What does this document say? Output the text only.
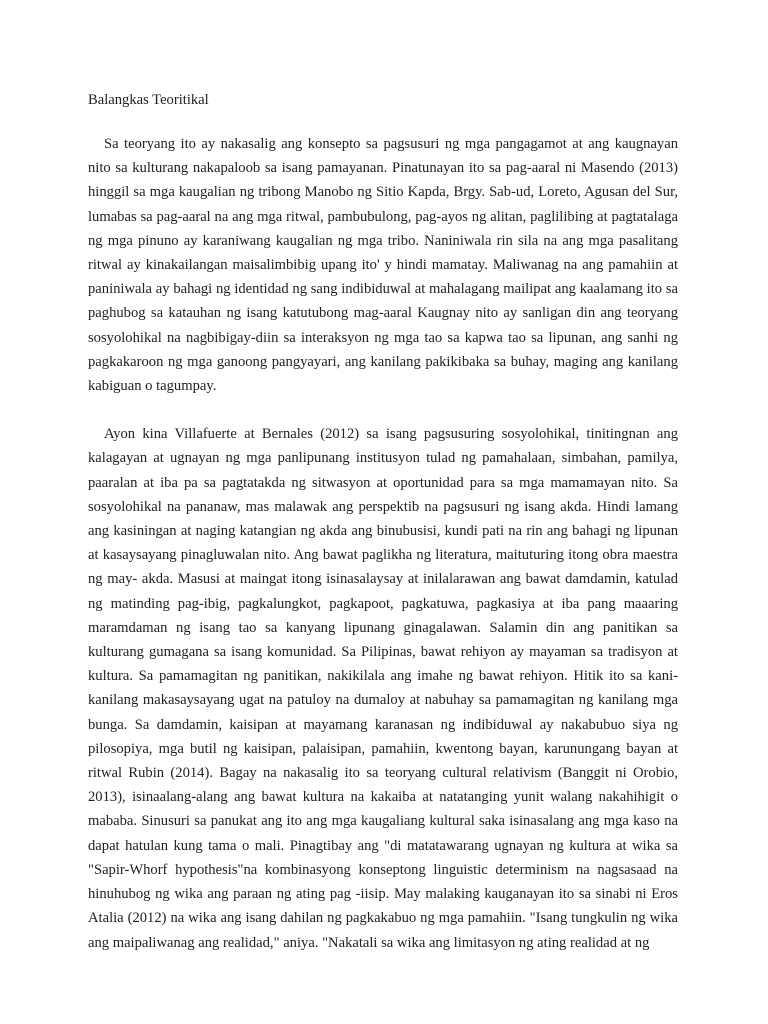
Balangkas Teoritikal

Sa teoryang ito ay nakasalig ang konsepto sa pagsusuri ng mga pangagamot at ang kaugnayan nito sa kulturang nakapaloob sa isang pamayanan. Pinatunayan ito sa pag-aaral ni Masendo (2013) hinggil sa mga kaugalian ng tribong Manobo ng Sitio Kapda, Brgy. Sab-ud, Loreto, Agusan del Sur, lumabas sa pag-aaral na ang mga ritwal, pambubulong, pag-ayos ng alitan, paglilibing at pagtatalaga ng mga pinuno ay karaniwang kaugalian ng mga tribo. Naniniwala rin sila na ang mga pasalitang ritwal ay kinakailangan maisalimbibig upang ito' y hindi mamatay. Maliwanag na ang pamahiin at paniniwala ay bahagi ng identidad ng sang indibiduwal at mahalagang mailipat ang kaalamang ito sa paghubog sa katauhan ng isang katutubong mag-aaral Kaugnay nito ay sanligan din ang teoryang sosyolohikal na nagbibigay-diin sa interaksyon ng mga tao sa kapwa tao sa lipunan, ang sanhi ng pagkakaroon ng mga ganoong pangyayari, ang kanilang pakikibaka sa buhay, maging ang kanilang kabiguan o tagumpay.

Ayon kina Villafuerte at Bernales (2012) sa isang pagsusuring sosyolohikal, tinitingnan ang kalagayan at ugnayan ng mga panlipunang institusyon tulad ng pamahalaan, simbahan, pamilya, paaralan at iba pa sa pagtatakda ng sitwasyon at oportunidad para sa mga mamamayan nito. Sa sosyolohikal na pananaw, mas malawak ang perspektib na pagsusuri ng isang akda. Hindi lamang ang kasiningan at naging katangian ng akda ang binubusisi, kundi pati na rin ang bahagi ng lipunan at kasaysayang pinagluwalan nito. Ang bawat paglikha ng literatura, maituturing itong obra maestra ng may- akda. Masusi at maingat itong isinasalaysay at inilalarawan ang bawat damdamin, katulad ng matinding pag-ibig, pagkalungkot, pagkapoot, pagkatuwa, pagkasiya at iba pang maaaring maramdaman ng isang tao sa kanyang lipunang ginagalawan. Salamin din ang panitikan sa kulturang gumagana sa isang komunidad. Sa Pilipinas, bawat rehiyon ay mayaman sa tradisyon at kultura. Sa pamamagitan ng panitikan, nakikilala ang imahe ng bawat rehiyon. Hitik ito sa kani-kanilang makasaysayang ugat na patuloy na dumaloy at nabuhay sa pamamagitan ng kanilang mga bunga. Sa damdamin, kaisipan at mayamang karanasan ng indibiduwal ay nakabubuo siya ng pilosopiya, mga butil ng kaisipan, palaisipan, pamahiin, kwentong bayan, karunungang bayan at ritwal Rubin (2014). Bagay na nakasalig ito sa teoryang cultural relativism (Banggit ni Orobio, 2013), isinaalang-alang ang bawat kultura na kakaiba at natatanging yunit walang nakahihigit o mababa. Sinusuri sa panukat ang ito ang mga kaugaliang kultural saka isinasalang ang mga kaso na dapat hatulan kung tama o mali. Pinagtibay ang "di matatawarang ugnayan ng kultura at wika sa "Sapir-Whorf hypothesis"na kombinasyong konseptong linguistic determinism na nagsasaad na hinuhubog ng wika ang paraan ng ating pag -iisip. May malaking kauganayan ito sa sinabi ni Eros Atalia (2012) na wika ang isang dahilan ng pagkakabuo ng mga pamahiin. "Isang tungkulin ng wika ang maipaliwanag ang realidad," aniya. "Nakatali sa wika ang limitasyon ng ating realidad at ng
